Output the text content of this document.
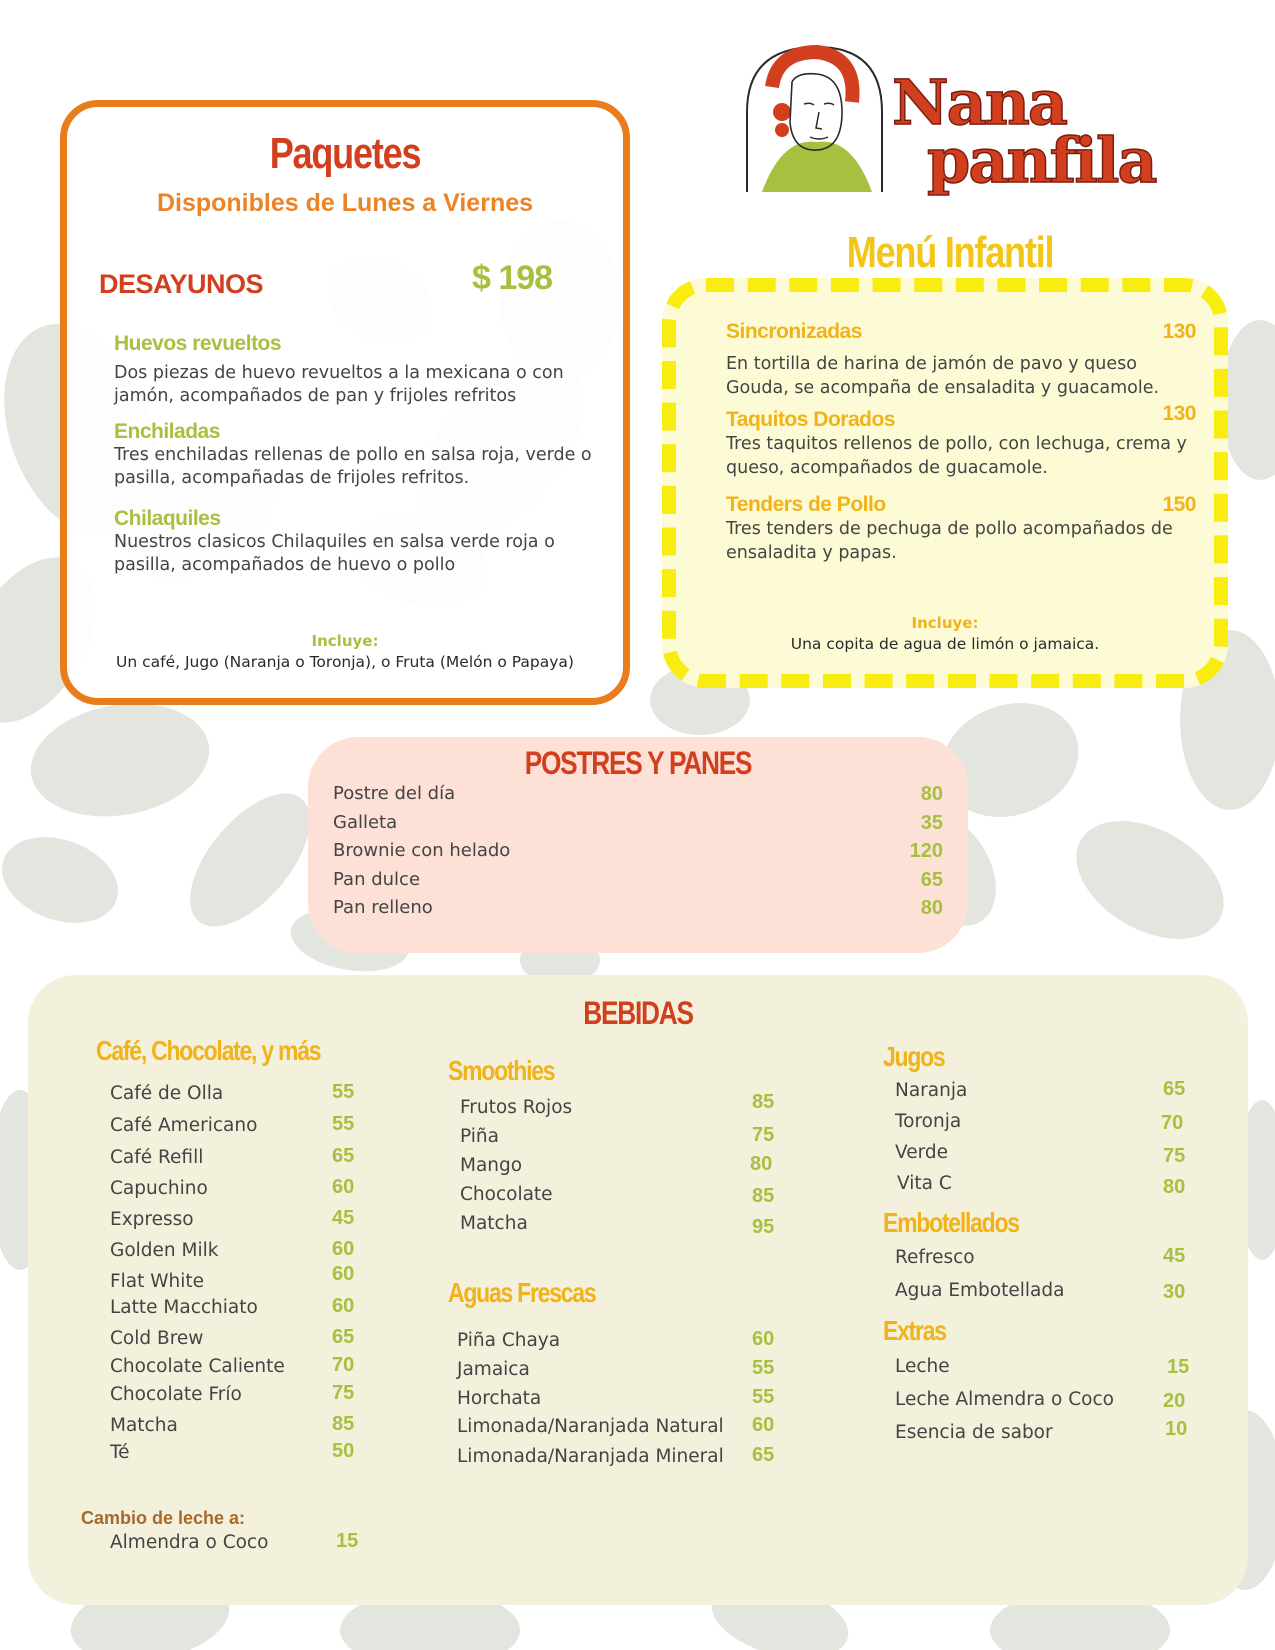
Nana
panfila
Paquetes
Disponibles de Lunes a Viernes
DESAYUNOS	$ 198
Huevos revueltos
Dos piezas de huevo revueltos a la mexicana o con jamón, acompañados de pan y frijoles refritos
Enchiladas
Tres enchiladas rellenas de pollo en salsa roja, verde o pasilla, acompañadas de frijoles refritos.
Chilaquiles
Nuestros clasicos Chilaquiles en salsa verde roja o pasilla, acompañados de huevo o pollo
Incluye:
Un café, Jugo (Naranja o Toronja), o Fruta (Melón o Papaya)
Menú Infantil
Sincronizadas	130
En tortilla de harina de jamón de pavo y queso Gouda, se acompaña de ensaladita y guacamole.
Taquitos Dorados	130
Tres taquitos rellenos de pollo, con lechuga, crema y queso, acompañados de guacamole.
Tenders de Pollo	150
Tres tenders de pechuga de pollo acompañados de ensaladita y papas.
Incluye:
Una copita de agua de limón o jamaica.
POSTRES Y PANES
Postre del día	80
Galleta	35
Brownie con helado	120
Pan dulce	65
Pan relleno	80
BEBIDAS
Café, Chocolate, y más
Café de Olla	55
Café Americano	55
Café Refill	65
Capuchino	60
Expresso	45
Golden Milk	60
Flat White	60
Latte Macchiato	60
Cold Brew	65
Chocolate Caliente 70
Chocolate Frío	75
Matcha	85
Té	50
Cambio de leche a:
Almendra o Coco	15
Smoothies
Frutos Rojos	85
Piña	75
Mango	80
Chocolate	85
Matcha	95
Aguas Frescas
Piña Chaya	60
Jamaica	55
Horchata	55
Limonada/Naranjada Natural 60
Limonada/Naranjada Mineral 65
Jugos
Naranja	65
Toronja	70
Verde	75
Vita C	80
Embotellados
Refresco	45
Agua Embotellada	30
Extras
Leche	15
Leche Almendra o Coco 20
Esencia de sabor	10
